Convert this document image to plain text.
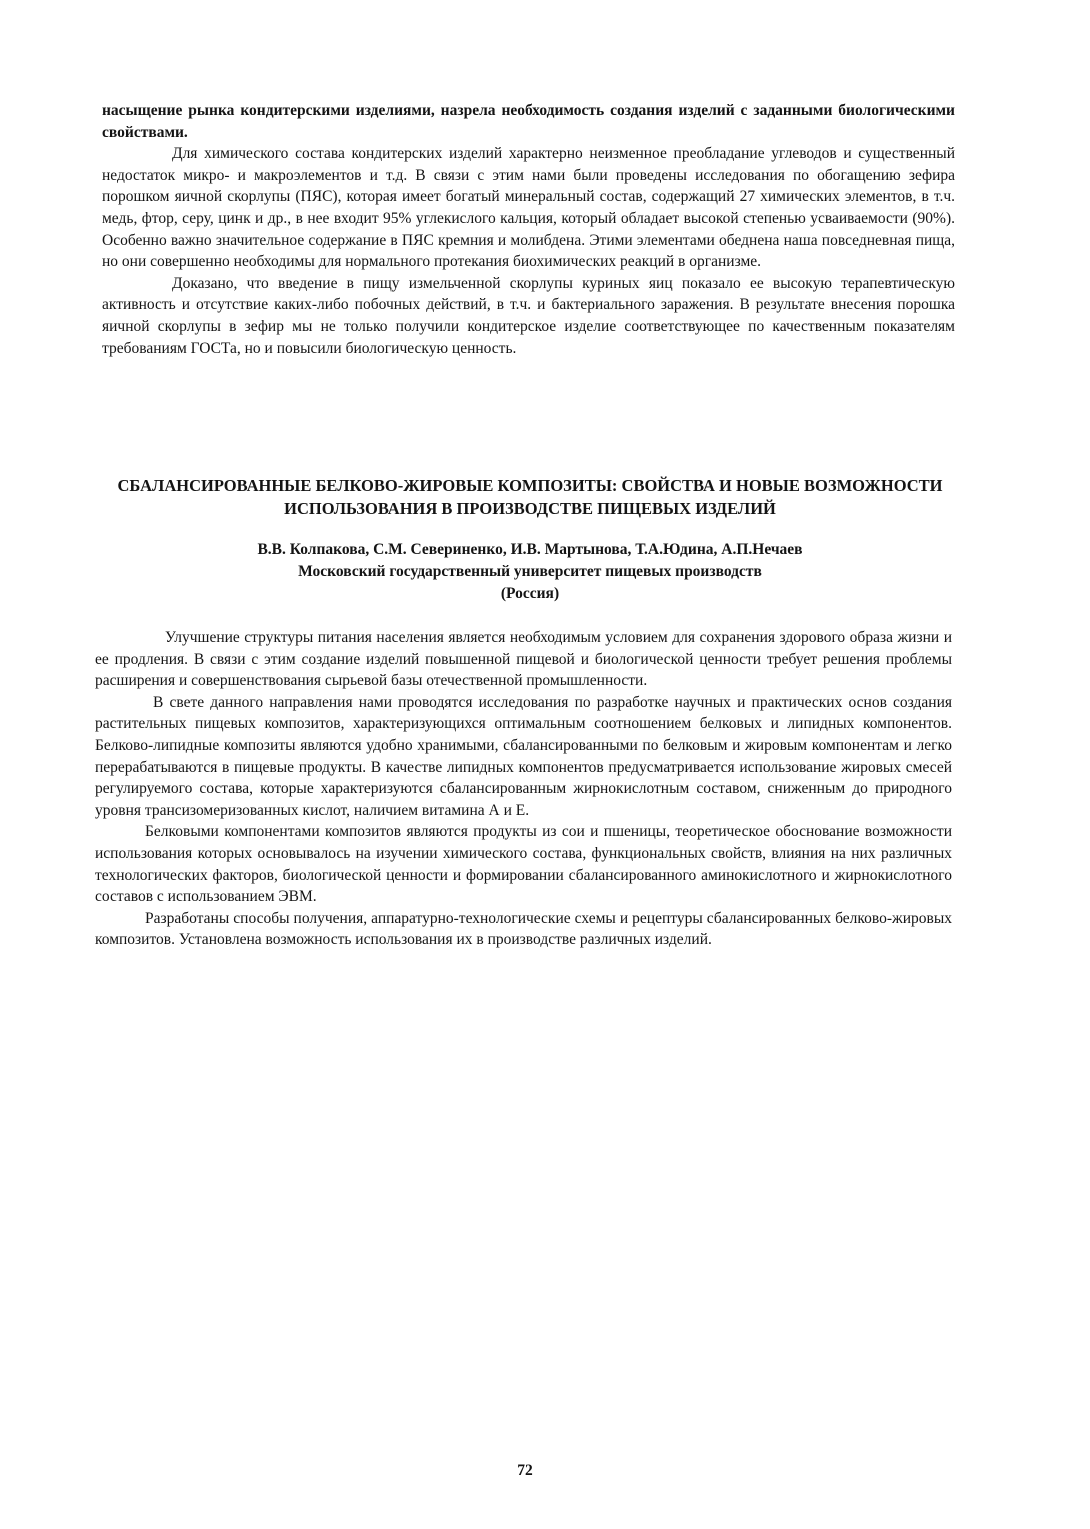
насыщение рынка кондитерскими изделиями, назрела необходимость создания изделий с заданными биологическими свойствами.

Для химического состава кондитерских изделий характерно неизменное преобладание углеводов и существенный недостаток микро- и макроэлементов и т.д. В связи с этим нами были проведены исследования по обогащению зефира порошком яичной скорлупы (ПЯС), которая имеет богатый минеральный состав, содержащий 27 химических элементов, в т.ч. медь, фтор, серу, цинк и др., в нее входит 95% углекислого кальция, который обладает высокой степенью усваиваемости (90%). Особенно важно значительное содержание в ПЯС кремния и молибдена. Этими элементами обеднена наша повседневная пища, но они совершенно необходимы для нормального протекания биохимических реакций в организме.

Доказано, что введение в пищу измельченной скорлупы куриных яиц показало ее высокую терапевтическую активность и отсутствие каких-либо побочных действий, в т.ч. и бактериального заражения. В результате внесения порошка яичной скорлупы в зефир мы не только получили кондитерское изделие соответствующее по качественным показателям требованиям ГОСТа, но и повысили биологическую ценность.

СБАЛАНСИРОВАННЫЕ БЕЛКОВО-ЖИРОВЫЕ КОМПОЗИТЫ: СВОЙСТВА И НОВЫЕ ВОЗМОЖНОСТИ ИСПОЛЬЗОВАНИЯ В ПРОИЗВОДСТВЕ ПИЩЕВЫХ ИЗДЕЛИЙ
В.В. Колпакова, С.М. Севериненко, И.В. Мартынова, Т.А.Юдина, А.П.Нечаев
Московский государственный университет пищевых производств
(Россия)

Улучшение структуры питания населения является необходимым условием для сохранения здорового образа жизни и ее продления. В связи с этим создание изделий повышенной пищевой и биологической ценности требует решения проблемы расширения и совершенствования сырьевой базы отечественной промышленности.

В свете данного направления нами проводятся исследования по разработке научных и практических основ создания растительных пищевых композитов, характеризующихся оптимальным соотношением белковых и липидных компонентов. Белково-липидные композиты являются удобно хранимыми, сбалансированными по белковым и жировым компонентам и легко перерабатываются в пищевые продукты. В качестве липидных компонентов предусматривается использование жировых смесей регулируемого состава, которые характеризуются сбалансированным жирнокислотным составом, сниженным до природного уровня трансизомеризованных кислот, наличием витамина А и Е.

Белковыми компонентами композитов являются продукты из сои и пшеницы, теоретическое обоснование возможности использования которых основывалось на изучении химического состава, функциональных свойств, влияния на них различных технологических факторов, биологической ценности и формировании сбалансированного аминокислотного и жирнокислотного составов с использованием ЭВМ.

Разработаны способы получения, аппаратурно-технологические схемы и рецептуры сбалансированных белково-жировых композитов. Установлена возможность использования их в производстве различных изделий.

72
